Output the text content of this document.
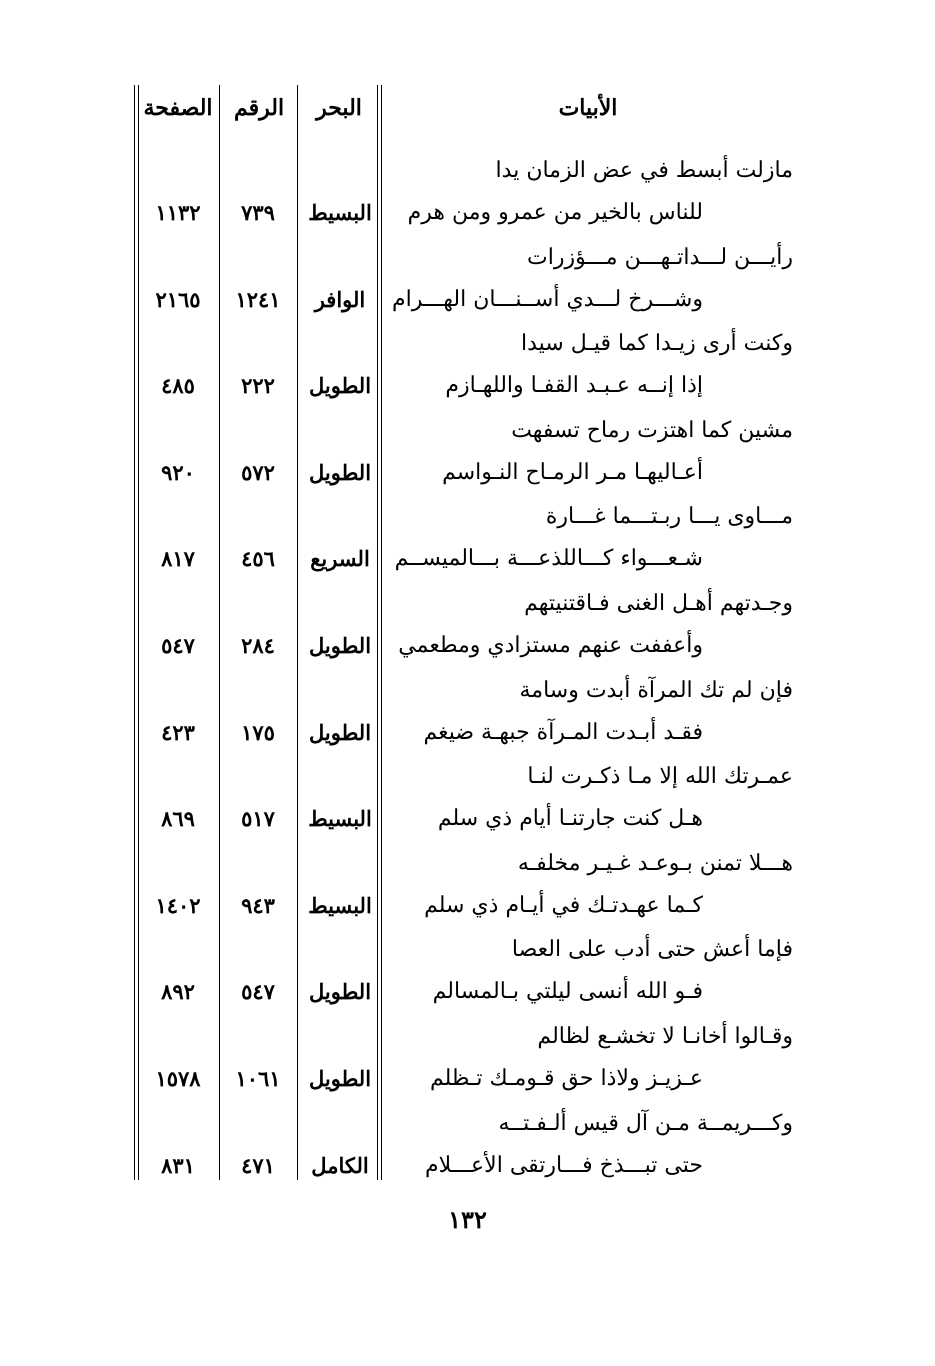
الأبيات
البحر
الرقم
الصفحة
مازلت أبسط في عض الزمان يدا
للناس بالخير من عمرو ومن هرم
البسيط
٧٣٩
١١٣٢
رأيـــن لـــداتـهـــن مـــؤزرات
وشـــرخ لـــدي أســنـــان الهـــرام
الوافر
١٢٤١
٢١٦٥
وكنت أرى زيـدا كما قيـل سيدا
إذا إنــه عـبـد القفـا واللهـازم
الطويل
٢٢٢
٤٨٥
مشين كما اهتزت رماح تسفهت
أعـاليهـا مـر الرمـاح النـواسم
الطويل
٥٧٢
٩٢٠
مـــاوى يـــا ربـتـــما غـــارة
شـعـــواء كـــاللذعـــة بـــالميســم
السريع
٤٥٦
٨١٧
وجـدتهم أهـل الغنى فـاقتنيتهم
وأعففت عنهم مستزادي ومطعمي
الطويل
٢٨٤
٥٤٧
فإن لم تك المرآة أبدت وسامة
فقـد أبـدت المـرآة جبهـة ضيغم
الطويل
١٧٥
٤٢٣
عمـرتك الله إلا مـا ذكـرت لنـا
هـل كنت جارتنـا أيام ذي سلم
البسيط
٥١٧
٨٦٩
هـــلا تمنن بـوعـد غـيـر مخلفـه
كـما عهـدتـك في أيـام ذي سلم
البسيط
٩٤٣
١٤٠٢
فإما أعش حتى أدب على العصا
فـو الله أنسى ليلتي بـالمسالم
الطويل
٥٤٧
٨٩٢
وقـالوا أخانـا لا تخشـع لظالم
عـزيـز ولاذا حق قـومـك تـظلم
الطويل
١٠٦١
١٥٧٨
وكـــريمــة مـن آل قيس ألـفـتــه
حتى تبـــذخ فـــارتقى الأعـــلام
الكامل
٤٧١
٨٣١
١٣٢
